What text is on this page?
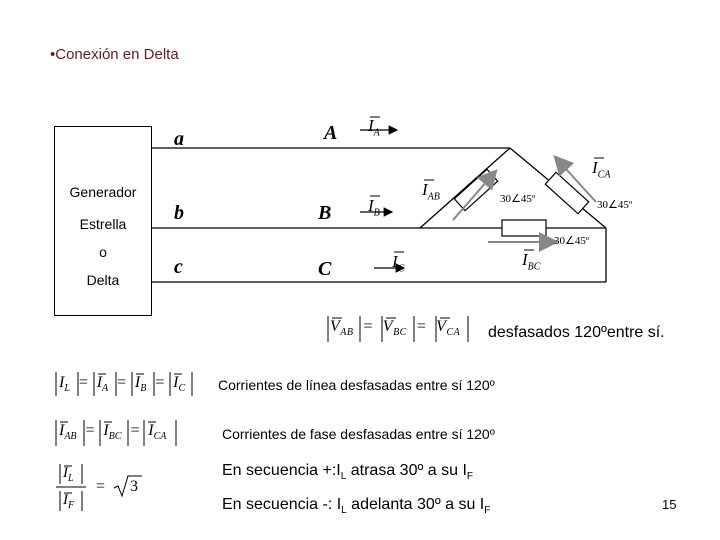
•Conexión en Delta
Generador
Estrella
o
Delta
a
b
c
A
B
C
$I_A$
$I_B$
$I_C$
$I_{AB}$
$I_{CA}$
$I_{BC}$
30∠45º	30∠45º
30∠45º
$V_{AB} = V_{BC} = V_{CA}$ desfasados 120ºentre sí.
$I_L = I_A = I_B = I_C$ Corrientes de línea desfasadas entre sí 120º
$I_{AB} = I_{BC} = I_{CA}$	Corrientes de fase desfasadas entre sí 120º
$I_L$
$I_F$
= 3
En secuencia $+:I_L$ atrasa 30º a su $I_F$
En secuencia -: $I_L$ adelanta 30º a su $I_F$	15
